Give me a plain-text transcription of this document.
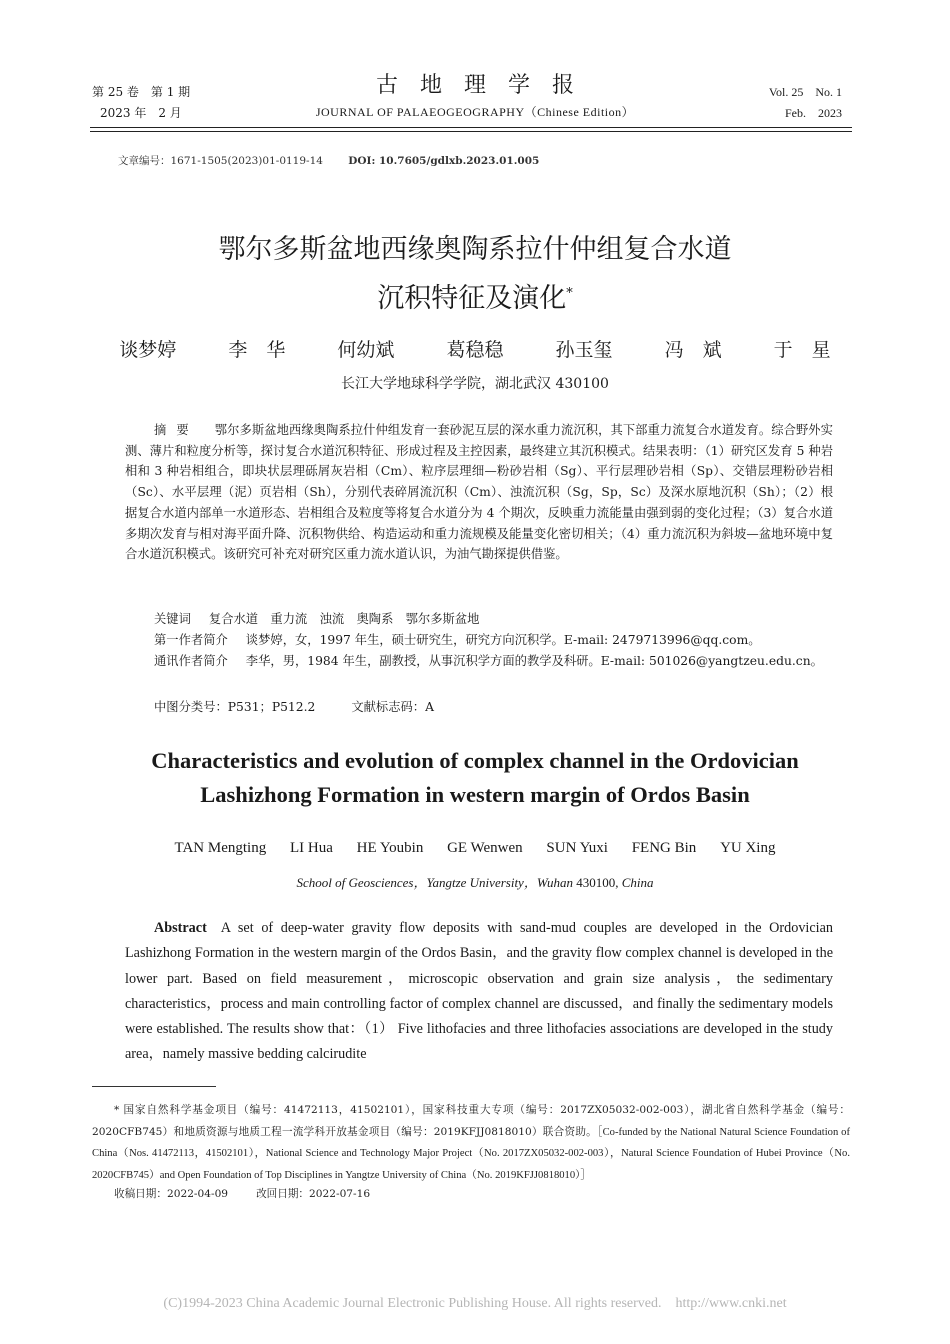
第 25 卷　第 1 期
2023 年　2 月
古地理学报
JOURNAL OF PALAEOGEOGRAPHY（Chinese Edition）
Vol. 25　No. 1
Feb.　2023
文章编号：1671-1505(2023)01-0119-14 DOI: 10.7605/gdlxb.2023.01.005
鄂尔多斯盆地西缘奥陶系拉什仲组复合水道
沉积特征及演化*
谈梦婷	李　华	何幼斌	葛稳稳	孙玉玺	冯　斌	于　星
长江大学地球科学学院，湖北武汉 430100
摘要 鄂尔多斯盆地西缘奥陶系拉什仲组发育一套砂泥互层的深水重力流沉积，其下部重力流复合水道发育。综合野外实测、薄片和粒度分析等，探讨复合水道沉积特征、形成过程及主控因素，最终建立其沉积模式。结果表明：（1）研究区发育 5 种岩相和 3 种岩相组合，即块状层理砾屑灰岩相（Cm）、粒序层理细—粉砂岩相（Sg）、平行层理砂岩相（Sp）、交错层理粉砂岩相（Sc）、水平层理（泥）页岩相（Sh），分别代表碎屑流沉积（Cm）、浊流沉积（Sg，Sp，Sc）及深水原地沉积（Sh）；（2）根据复合水道内部单一水道形态、岩相组合及粒度等将复合水道分为 4 个期次，反映重力流能量由强到弱的变化过程；（3）复合水道多期次发育与相对海平面升降、沉积物供给、构造运动和重力流规模及能量变化密切相关；（4）重力流沉积为斜坡—盆地环境中复合水道沉积模式。该研究可补充对研究区重力流水道认识，为油气勘探提供借鉴。
关键词 复合水道　重力流　浊流　奥陶系　鄂尔多斯盆地
第一作者简介 谈梦婷，女，1997 年生，硕士研究生，研究方向沉积学。E-mail: 2479713996@qq.com。
通讯作者简介 李华，男，1984 年生，副教授，从事沉积学方面的教学及科研。E-mail: 501026@yangtzeu.edu.cn。
中图分类号：P531；P512.2	文献标志码：A
Characteristics and evolution of complex channel in the Ordovician
Lashizhong Formation in western margin of Ordos Basin
TAN Mengting LI Hua HE Youbin GE Wenwen SUN Yuxi FENG Bin YU Xing
School of Geosciences，Yangtze University，Wuhan 430100, China
Abstract A set of deep-water gravity flow deposits with sand-mud couples are developed in the Ordovician Lashizhong Formation in the western margin of the Ordos Basin，and the gravity flow complex channel is developed in the lower part. Based on field measurement，microscopic observation and grain size analysis，the sedimentary characteristics，process and main controlling factor of complex channel are discussed，and finally the sedimentary models were established. The results show that：（1） Five lithofacies and three lithofacies associations are developed in the study area，namely massive bedding calcirudite
* 国家自然科学基金项目（编号：41472113，41502101），国家科技重大专项（编号：2017ZX05032-002-003），湖北省自然科学基金（编号：2020CFB745）和地质资源与地质工程一流学科开放基金项目（编号：2019KFJJ0818010）联合资助。［Co-funded by the National Natural Science Foundation of China（Nos. 41472113，41502101），National Science and Technology Major Project（No. 2017ZX05032-002-003），Natural Science Foundation of Hubei Province（No. 2020CFB745）and Open Foundation of Top Disciplines in Yangtze University of China（No. 2019KFJJ0818010）］
收稿日期：2022-04-09	改回日期：2022-07-16
(C)1994-2023 China Academic Journal Electronic Publishing House. All rights reserved. http://www.cnki.net
